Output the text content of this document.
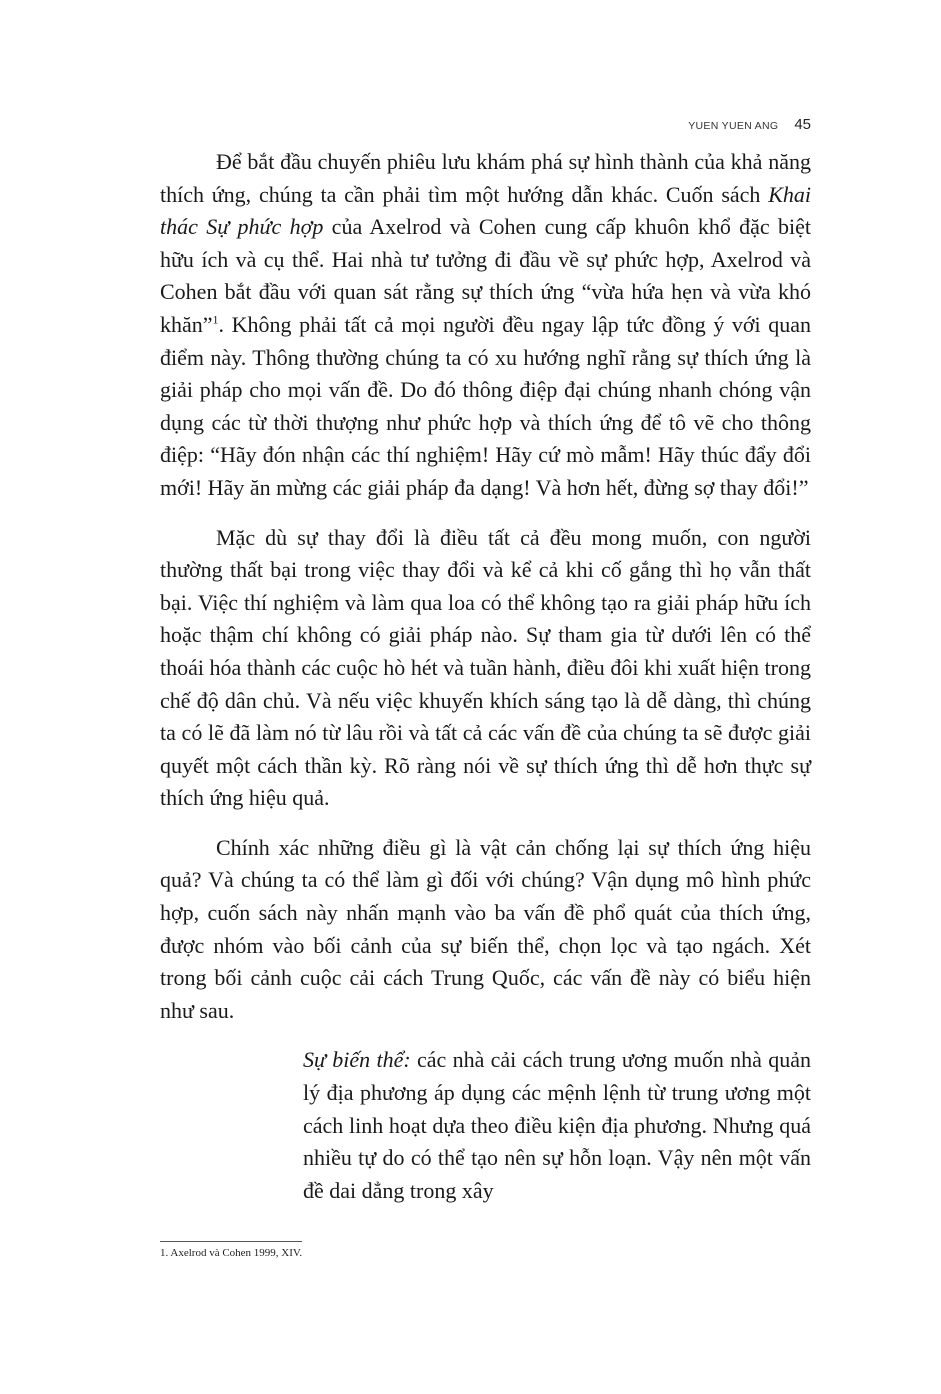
YUEN YUEN ANG 45

Để bắt đầu chuyến phiêu lưu khám phá sự hình thành của khả năng thích ứng, chúng ta cần phải tìm một hướng dẫn khác. Cuốn sách Khai thác Sự phức hợp của Axelrod và Cohen cung cấp khuôn khổ đặc biệt hữu ích và cụ thể. Hai nhà tư tưởng đi đầu về sự phức hợp, Axelrod và Cohen bắt đầu với quan sát rằng sự thích ứng “vừa hứa hẹn và vừa khó khăn”$^1$. Không phải tất cả mọi người đều ngay lập tức đồng ý với quan điểm này. Thông thường chúng ta có xu hướng nghĩ rằng sự thích ứng là giải pháp cho mọi vấn đề. Do đó thông điệp đại chúng nhanh chóng vận dụng các từ thời thượng như phức hợp và thích ứng để tô vẽ cho thông điệp: “Hãy đón nhận các thí nghiệm! Hãy cứ mò mẫm! Hãy thúc đẩy đổi mới! Hãy ăn mừng các giải pháp đa dạng! Và hơn hết, đừng sợ thay đổi!”

Mặc dù sự thay đổi là điều tất cả đều mong muốn, con người thường thất bại trong việc thay đổi và kể cả khi cố gắng thì họ vẫn thất bại. Việc thí nghiệm và làm qua loa có thể không tạo ra giải pháp hữu ích hoặc thậm chí không có giải pháp nào. Sự tham gia từ dưới lên có thể thoái hóa thành các cuộc hò hét và tuần hành, điều đôi khi xuất hiện trong chế độ dân chủ. Và nếu việc khuyến khích sáng tạo là dễ dàng, thì chúng ta có lẽ đã làm nó từ lâu rồi và tất cả các vấn đề của chúng ta sẽ được giải quyết một cách thần kỳ. Rõ ràng nói về sự thích ứng thì dễ hơn thực sự thích ứng hiệu quả.

Chính xác những điều gì là vật cản chống lại sự thích ứng hiệu quả? Và chúng ta có thể làm gì đối với chúng? Vận dụng mô hình phức hợp, cuốn sách này nhấn mạnh vào ba vấn đề phổ quát của thích ứng, được nhóm vào bối cảnh của sự biến thể, chọn lọc và tạo ngách. Xét trong bối cảnh cuộc cải cách Trung Quốc, các vấn đề này có biểu hiện như sau.

Sự biến thể: các nhà cải cách trung ương muốn nhà quản lý địa phương áp dụng các mệnh lệnh từ trung ương một cách linh hoạt dựa theo điều kiện địa phương. Nhưng quá nhiều tự do có thể tạo nên sự hỗn loạn. Vậy nên một vấn đề dai dẳng trong xây

1. Axelrod và Cohen 1999, XIV.
